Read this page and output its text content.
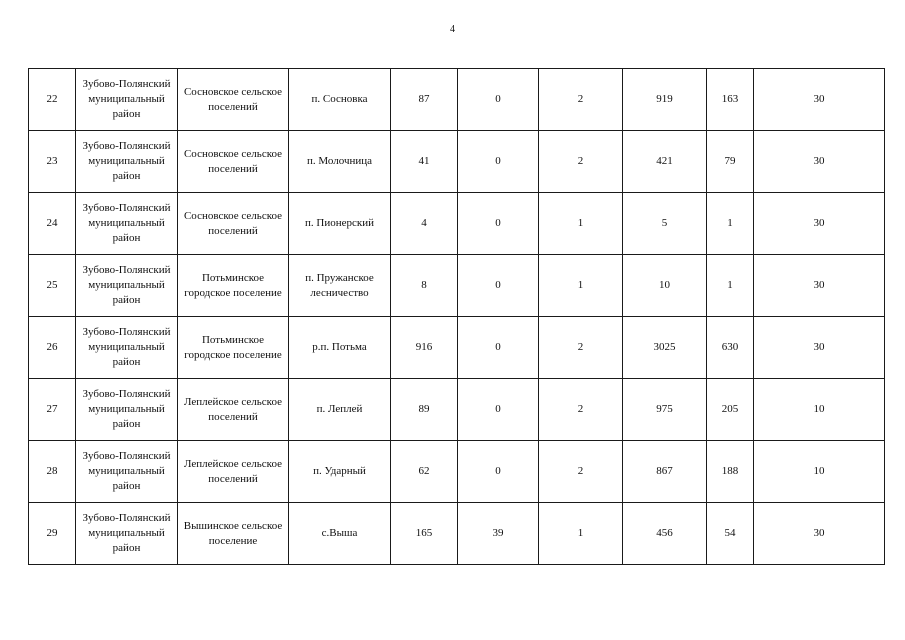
4
22	Зубово-Полянский муниципальный район	Сосновское сельское поселений	п. Сосновка	87	0	2	919	163	30
23	Зубово-Полянский муниципальный район	Сосновское сельское поселений	п. Молочница	41	0	2	421	79	30
24	Зубово-Полянский муниципальный район	Сосновское сельское поселений	п. Пионерский	4	0	1	5	1	30
25	Зубово-Полянский муниципальный район	Потьминское городское поселение	п. Пружанское лесничество	8	0	1	10	1	30
26	Зубово-Полянский муниципальный район	Потьминское городское поселение	р.п. Потьма	916	0	2	3025	630	30
27	Зубово-Полянский муниципальный район	Леплейское сельское поселений	п. Леплей	89	0	2	975	205	10
28	Зубово-Полянский муниципальный район	Леплейское сельское поселений	п. Ударный	62	0	2	867	188	10
29	Зубово-Полянский муниципальный район	Вышинское сельское поселение	с.Выша	165	39	1	456	54	30
